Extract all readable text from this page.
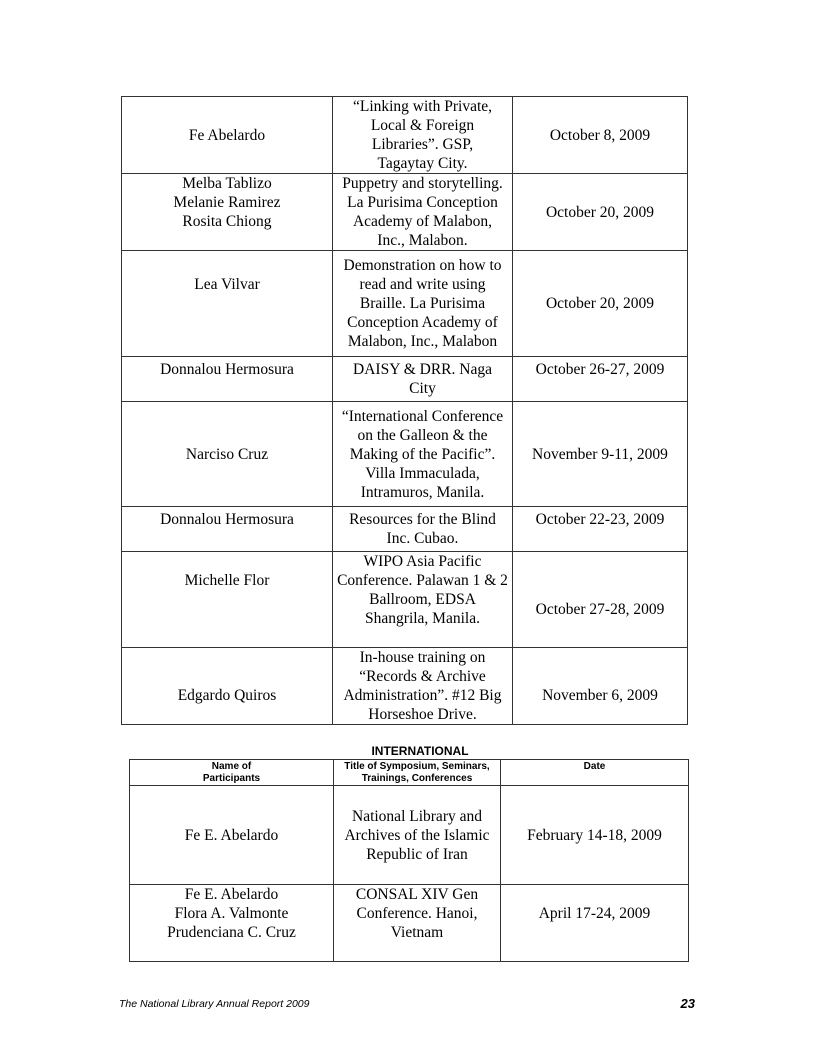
Fe Abelardo	“Linking with Private,
Local & Foreign
Libraries”. GSP,
Tagaytay City.	October 8, 2009

Melba Tablizo
Melanie Ramirez
Rosita Chiong	Puppetry and storytelling.
La Purisima Conception
Academy of Malabon,
Inc., Malabon.	October 20, 2009

Lea Vilvar	Demonstration on how to
read and write using
Braille. La Purisima
Conception Academy of
Malabon, Inc., Malabon	October 20, 2009

Donnalou Hermosura	DAISY & DRR. Naga
City	October 26-27, 2009

Narciso Cruz	“International Conference
on the Galleon & the
Making of the Pacific”.
Villa Immaculada,
Intramuros, Manila.	November 9-11, 2009

Donnalou Hermosura	Resources for the Blind
Inc. Cubao.	October 22-23, 2009

Michelle Flor	WIPO Asia Pacific
Conference. Palawan 1 & 2
Ballroom, EDSA
Shangrila, Manila.	October 27-28, 2009

Edgardo Quiros	In-house training on
“Records & Archive
Administration”. #12 Big
Horseshoe Drive.	November 6, 2009

INTERNATIONAL
Name of
Participants	Title of Symposium, Seminars,
Trainings, Conferences	Date
Fe E. Abelardo	National Library and
Archives of the Islamic
Republic of Iran	February 14-18, 2009

Fe E. Abelardo
Flora A. Valmonte
Prudenciana C. Cruz	CONSAL XIV Gen
Conference. Hanoi,
Vietnam	April 17-24, 2009

The National Library Annual Report 2009	23
